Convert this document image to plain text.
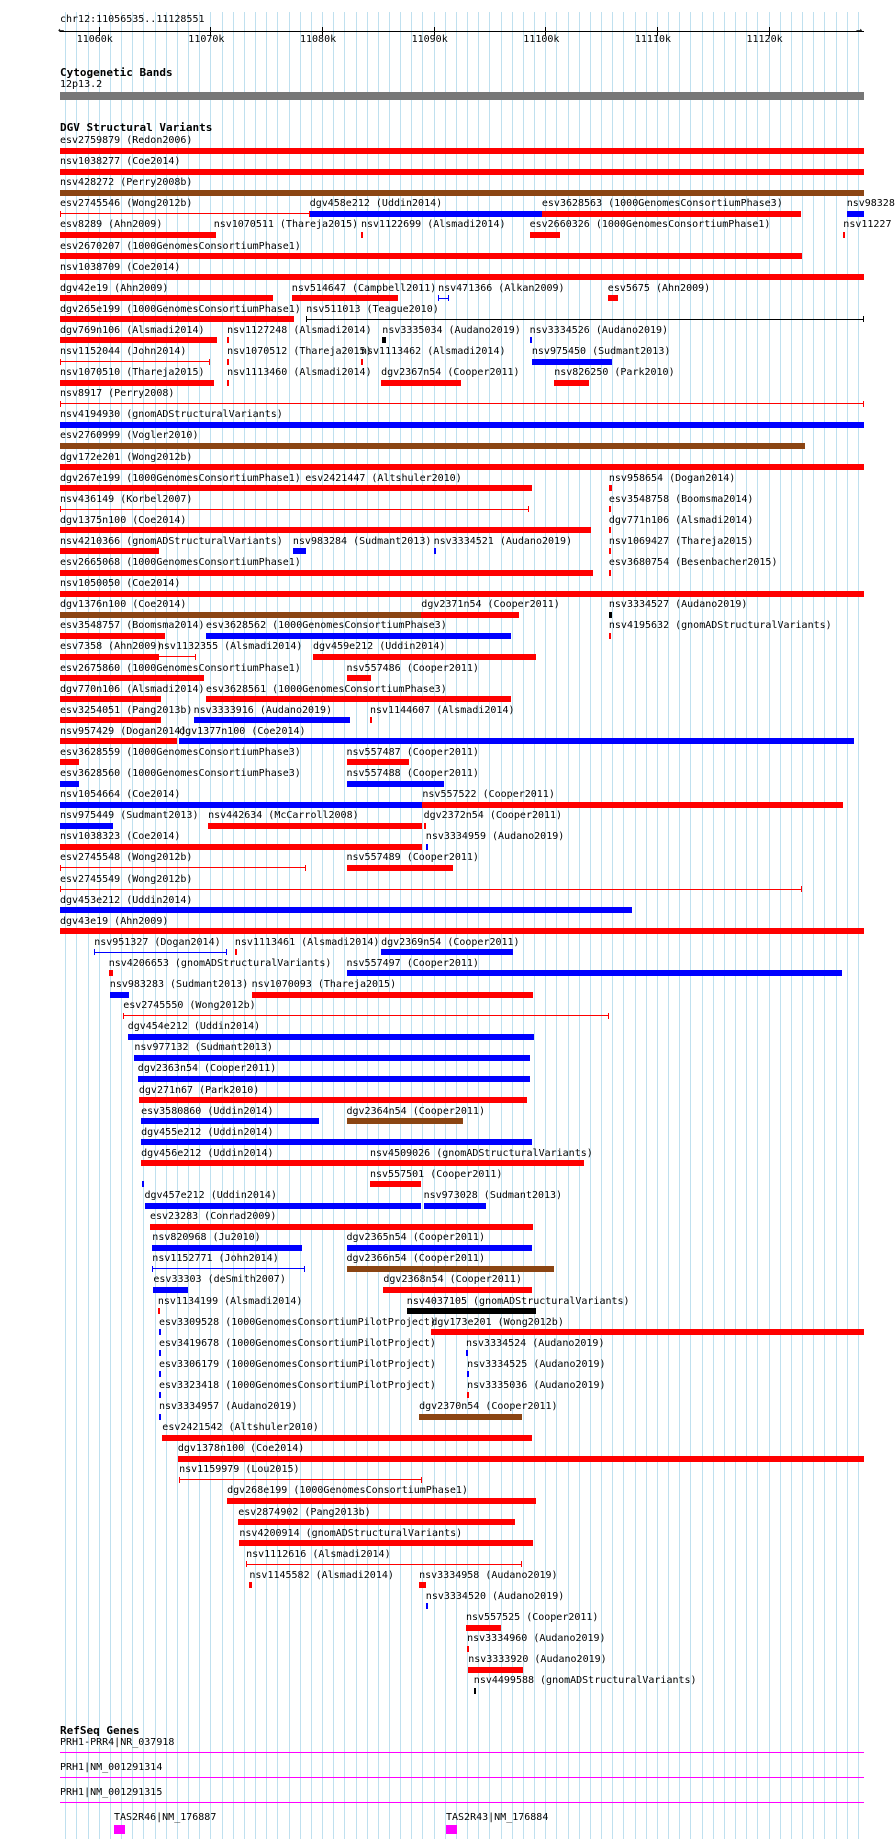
chr12:11056535..11128551
←	→
11060k	11070k	11080k	11090k	11100k	11110k	11120k
Cytogenetic Bands
12p13.2
DGV Structural Variants
esv2759879 (Redon2006)
nsv1038277 (Coe2014)
nsv428272 (Perry2008b)
esv2745546 (Wong2012b)	dgv458e212 (Uddin2014)	esv3628563 (1000GenomesConsortiumPhase3)	nsv98328
esv8289 (Ahn2009)	nsv1070511 (Thareja2015) nsv1122699 (Alsmadi2014) esv2660326 (1000GenomesConsortiumPhase1)	nsv11227
esv2670207 (1000GenomesConsortiumPhase1)
nsv1038709 (Coe2014)
dgv42e19 (Ahn2009)	nsv514647 (Campbell2011) nsv471366 (Alkan2009)	esv5675 (Ahn2009)
dgv265e199 (1000GenomesConsortiumPhase1) nsv511013 (Teague2010)
dgv769n106 (Alsmadi2014) nsv1127248 (Alsmadi2014) nsv3335034 (Audano2019) nsv3334526 (Audano2019)
nsv1152044 (John2014)	nsv1070512 (Thareja2015)
nsv1113462 (Alsmadi2014)	nsv975450 (Sudmant2013)
nsv1070510 (Thareja2015) nsv1113460 (Alsmadi2014) dgv2367n54 (Cooper2011)	nsv826250 (Park2010)
nsv8917 (Perry2008)
nsv4194930 (gnomADStructuralVariants)
esv2760999 (Vogler2010)
dgv172e201 (Wong2012b)
dgv267e199 (1000GenomesConsortiumPhase1) esv2421447 (Altshuler2010)	nsv958654 (Dogan2014)
nsv436149 (Korbel2007)	esv3548758 (Boomsma2014)
dgv1375n100 (Coe2014)	dgv771n106 (Alsmadi2014)
nsv4210366 (gnomADStructuralVariants) nsv983284 (Sudmant2013) nsv3334521 (Audano2019)	nsv1069427 (Thareja2015)
esv2665068 (1000GenomesConsortiumPhase1)	esv3680754 (Besenbacher2015)
nsv1050050 (Coe2014)
dgv1376n100 (Coe2014)	dgv2371n54 (Cooper2011)	nsv3334527 (Audano2019)
esv3548757 (Boomsma2014) esv3628562 (1000GenomesConsortiumPhase3)	nsv4195632 (gnomADStructuralVariants)
esv7358 (Ahn2009)
nsv1132355 (Alsmadi2014) dgv459e212 (Uddin2014)
esv2675860 (1000GenomesConsortiumPhase1)	nsv557486 (Cooper2011)
dgv770n106 (Alsmadi2014) esv3628561 (1000GenomesConsortiumPhase3)
esv3254051 (Pang2013b) nsv3333916 (Audano2019)	nsv1144607 (Alsmadi2014)
nsv957429 (Dogan2014)
dgv1377n100 (Coe2014)
esv3628559 (1000GenomesConsortiumPhase3)	nsv557487 (Cooper2011)
esv3628560 (1000GenomesConsortiumPhase3)	nsv557488 (Cooper2011)
nsv1054664 (Coe2014)	nsv557522 (Cooper2011)
nsv975449 (Sudmant2013) nsv442634 (McCarroll2008)	dgv2372n54 (Cooper2011)
nsv1038323 (Coe2014)	nsv3334959 (Audano2019)
esv2745548 (Wong2012b)	nsv557489 (Cooper2011)
esv2745549 (Wong2012b)
dgv453e212 (Uddin2014)
dgv43e19 (Ahn2009)
nsv951327 (Dogan2014) nsv1113461 (Alsmadi2014) dgv2369n54 (Cooper2011)
nsv4206653 (gnomADStructuralVariants) nsv557497 (Cooper2011)
nsv983283 (Sudmant2013) nsv1070093 (Thareja2015)
esv2745550 (Wong2012b)
dgv454e212 (Uddin2014)
nsv977132 (Sudmant2013)
dgv2363n54 (Cooper2011)
dgv271n67 (Park2010)
esv3580860 (Uddin2014)	dgv2364n54 (Cooper2011)
dgv455e212 (Uddin2014)
dgv456e212 (Uddin2014)	nsv4509026 (gnomADStructuralVariants)
nsv557501 (Cooper2011)
dgv457e212 (Uddin2014)	nsv973028 (Sudmant2013)
esv23283 (Conrad2009)
nsv820968 (Ju2010)	dgv2365n54 (Cooper2011)
nsv1152771 (John2014)	dgv2366n54 (Cooper2011)
esv33303 (deSmith2007)	dgv2368n54 (Cooper2011)
nsv1134199 (Alsmadi2014)	nsv4037105 (gnomADStructuralVariants)
esv3309528 (1000GenomesConsortiumPilotProject)
dgv173e201 (Wong2012b)
esv3419678 (1000GenomesConsortiumPilotProject)	nsv3334524 (Audano2019)
esv3306179 (1000GenomesConsortiumPilotProject)	nsv3334525 (Audano2019)
esv3323418 (1000GenomesConsortiumPilotProject)	nsv3335036 (Audano2019)
nsv3334957 (Audano2019)	dgv2370n54 (Cooper2011)
esv2421542 (Altshuler2010)
dgv1378n100 (Coe2014)
nsv1159979 (Lou2015)
dgv268e199 (1000GenomesConsortiumPhase1)
esv2874902 (Pang2013b)
nsv4200914 (gnomADStructuralVariants)
nsv1112616 (Alsmadi2014)
nsv1145582 (Alsmadi2014)	nsv3334958 (Audano2019)
nsv3334520 (Audano2019)
nsv557525 (Cooper2011)
nsv3334960 (Audano2019)
nsv3333920 (Audano2019)
nsv4499588 (gnomADStructuralVariants)
RefSeq Genes
PRH1-PRR4|NR_037918
PRH1|NM_001291314
PRH1|NM_001291315
TAS2R46|NM_176887	TAS2R43|NM_176884
